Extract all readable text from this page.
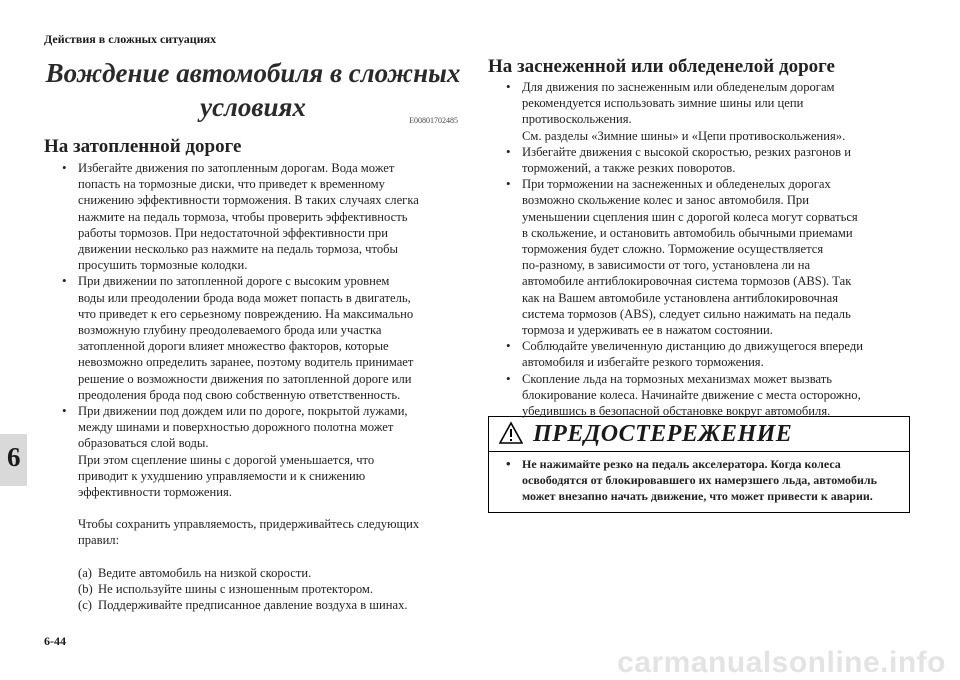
Действия в сложных ситуациях
6
Вождение автомобиля в сложных
условиях	E00801702485
На затопленной дороге
• Избегайте движения по затопленным дорогам. Вода может
попасть на тормозные диски, что приведет к временному
снижению эффективности торможения. В таких случаях слегка
нажмите на педаль тормоза, чтобы проверить эффективность
работы тормозов. При недостаточной эффективности при
движении несколько раз нажмите на педаль тормоза, чтобы
просушить тормозные колодки.
• При движении по затопленной дороге с высоким уровнем
воды или преодолении брода вода может попасть в двигатель,
что приведет к его серьезному повреждению. На максимально
возможную глубину преодолеваемого брода или участка
затопленной дороги влияет множество факторов, которые
невозможно определить заранее, поэтому водитель принимает
решение о возможности движения по затопленной дороге или
преодоления брода под свою собственную ответственность.
• При движении под дождем или по дороге, покрытой лужами,
между шинами и поверхностью дорожного полотна может
образоваться слой воды.
При этом сцепление шины с дорогой уменьшается, что
приводит к ухудшению управляемости и к снижению
эффективности торможения.
Чтобы сохранить управляемость, придерживайтесь следующих
правил:
(a) Ведите автомобиль на низкой скорости.
(b) Не используйте шины с изношенным протектором.
(c) Поддерживайте предписанное давление воздуха в шинах.
На заснеженной или обледенелой дороге
• Для движения по заснеженным или обледенелым дорогам
рекомендуется использовать зимние шины или цепи
противоскольжения.
См. разделы «Зимние шины» и «Цепи противоскольжения».
• Избегайте движения с высокой скоростью, резких разгонов и
торможений, а также резких поворотов.
• При торможении на заснеженных и обледенелых дорогах
возможно скольжение колес и занос автомобиля. При
уменьшении сцепления шин с дорогой колеса могут сорваться
в скольжение, и остановить автомобиль обычными приемами
торможения будет сложно. Торможение осуществляется
по-разному, в зависимости от того, установлена ли на
автомобиле антиблокировочная система тормозов (ABS). Так
как на Вашем автомобиле установлена антиблокировочная
система тормозов (ABS), следует сильно нажимать на педаль
тормоза и удерживать ее в нажатом состоянии.
• Соблюдайте увеличенную дистанцию до движущегося впереди
автомобиля и избегайте резкого торможения.
• Скопление льда на тормозных механизмах может вызвать
блокирование колеса. Начинайте движение с места осторожно,
убедившись в безопасной обстановке вокруг автомобиля.
ПРЕДОСТЕРЕЖЕНИЕ
• Не нажимайте резко на педаль акселератора. Когда колеса
освободятся от блокировавшего их намерзшего льда, автомобиль
может внезапно начать движение, что может привести к аварии.
6-44
carmanualsonline.info
